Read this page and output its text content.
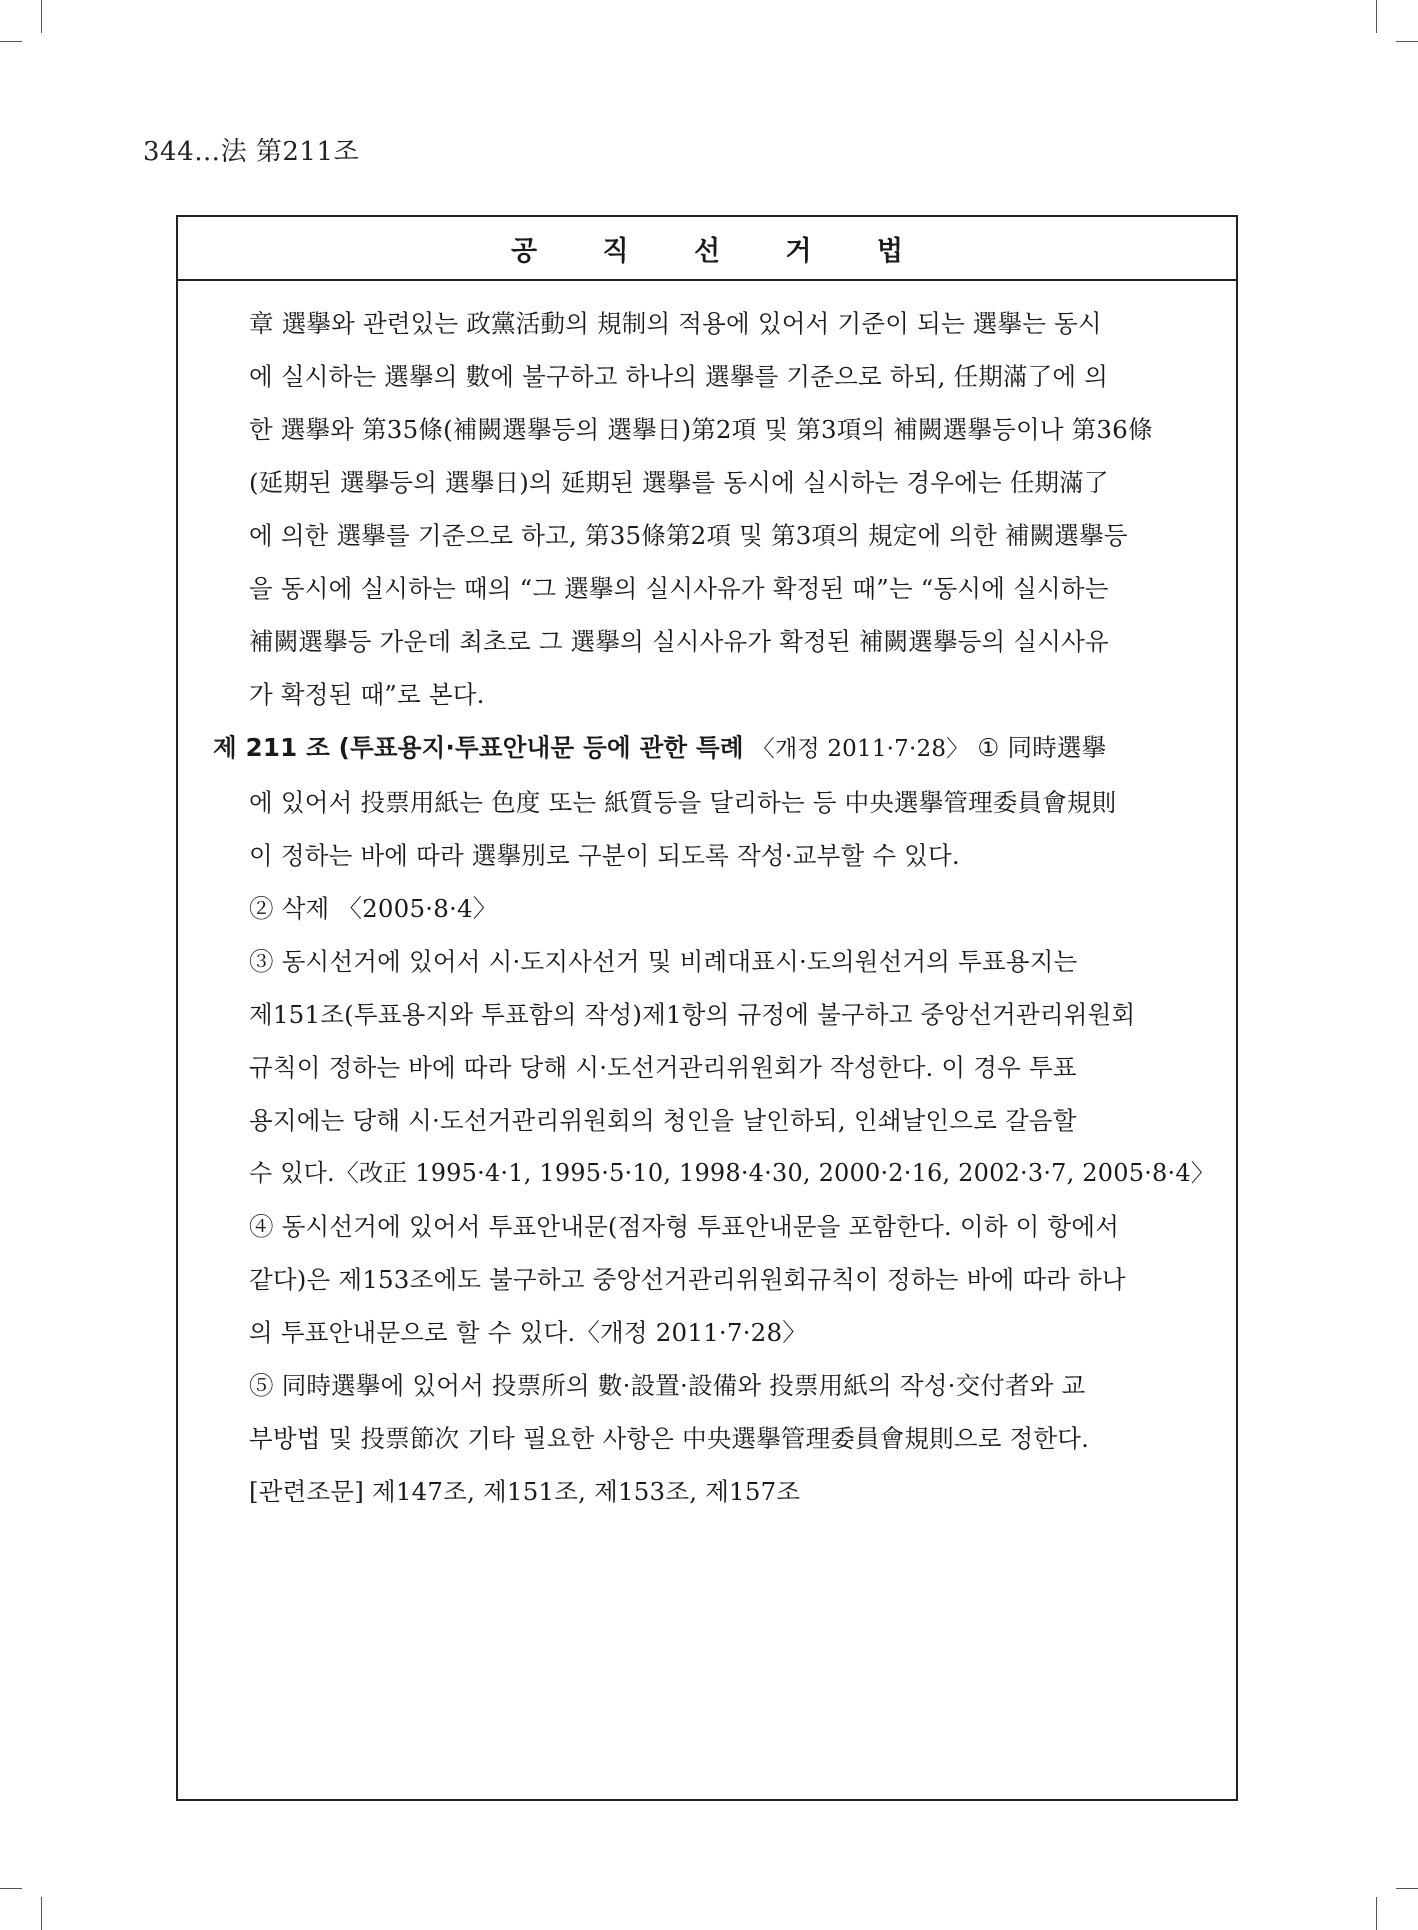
344…法 第211조
공 직 선 거 법

章 選擧와 관련있는 政黨活動의 規制의 적용에 있어서 기준이 되는 選擧는 동시

에 실시하는 選擧의 數에 불구하고 하나의 選擧를 기준으로 하되, 任期滿了에 의

한 選擧와 第35條(補闕選擧등의 選擧日)第2項 및 第3項의 補闕選擧등이나 第36條

(延期된 選擧등의 選擧日)의 延期된 選擧를 동시에 실시하는 경우에는 任期滿了

에 의한 選擧를 기준으로 하고, 第35條第2項 및 第3項의 規定에 의한 補闕選擧등

을 동시에 실시하는 때의 “그 選擧의 실시사유가 확정된 때”는 “동시에 실시하는

補闕選擧등 가운데 최초로 그 選擧의 실시사유가 확정된 補闕選擧등의 실시사유

가 확정된 때”로 본다.

제 211 조 (투표용지·투표안내문 등에 관한 특례 〈개정 2011·7·28〉 ① 同時選擧

에 있어서 投票用紙는 色度 또는 紙質등을 달리하는 등 中央選擧管理委員會規則

이 정하는 바에 따라 選擧別로 구분이 되도록 작성·교부할 수 있다.

② 삭제 〈2005·8·4〉

③ 동시선거에 있어서 시·도지사선거 및 비례대표시·도의원선거의 투표용지는

제151조(투표용지와 투표함의 작성)제1항의 규정에 불구하고 중앙선거관리위원회

규칙이 정하는 바에 따라 당해 시·도선거관리위원회가 작성한다. 이 경우 투표

용지에는 당해 시·도선거관리위원회의 청인을 날인하되, 인쇄날인으로 갈음할

수 있다.〈改正 1995·4·1, 1995·5·10, 1998·4·30, 2000·2·16, 2002·3·7, 2005·8·4〉

④ 동시선거에 있어서 투표안내문(점자형 투표안내문을 포함한다. 이하 이 항에서

같다)은 제153조에도 불구하고 중앙선거관리위원회규칙이 정하는 바에 따라 하나

의 투표안내문으로 할 수 있다.〈개정 2011·7·28〉

⑤ 同時選擧에 있어서 投票所의 數·設置·設備와 投票用紙의 작성·交付者와 교

부방법 및 投票節次 기타 필요한 사항은 中央選擧管理委員會規則으로 정한다.

[관련조문] 제147조, 제151조, 제153조, 제157조
